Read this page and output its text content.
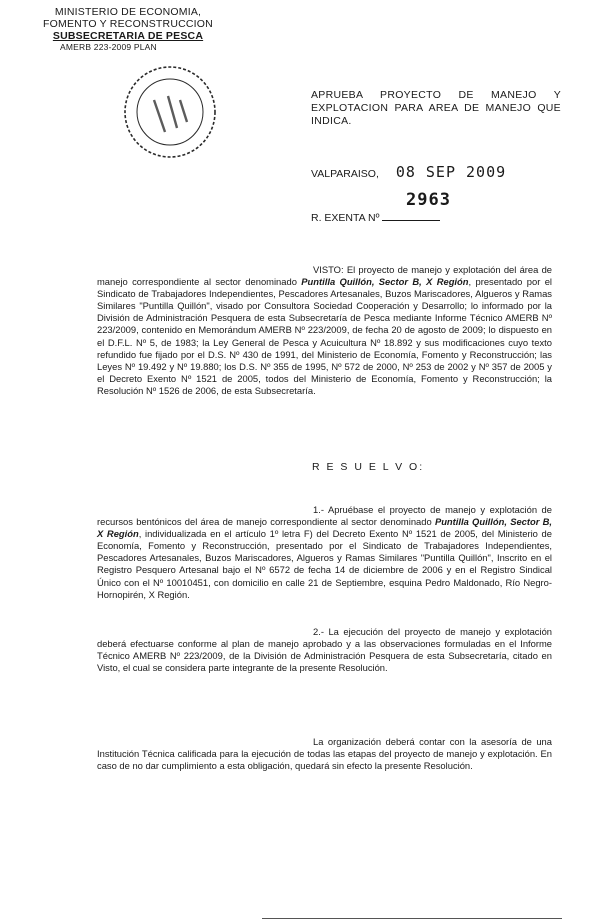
MINISTERIO DE ECONOMIA,
FOMENTO Y RECONSTRUCCION
SUBSECRETARIA DE PESCA
AMERB 223-2009 PLAN
APRUEBA PROYECTO DE MANEJO Y EXPLOTACION PARA AREA DE MANEJO QUE INDICA.
VALPARAISO, 08 SEP 2009
R. EXENTA Nº
2963
VISTO: El proyecto de manejo y explotación del área de manejo correspondiente al sector denominado Puntilla Quillón, Sector B, X Región, presentado por el Sindicato de Trabajadores Independientes, Pescadores Artesanales, Buzos Mariscadores, Algueros y Ramas Similares "Puntilla Quillón", visado por Consultora Sociedad Cooperación y Desarrollo; lo informado por la División de Administración Pesquera de esta Subsecretaría de Pesca mediante Informe Técnico AMERB Nº 223/2009, contenido en Memorándum AMERB Nº 223/2009, de fecha 20 de agosto de 2009; lo dispuesto en el D.F.L. Nº 5, de 1983; la Ley General de Pesca y Acuicultura Nº 18.892 y sus modificaciones cuyo texto refundido fue fijado por el D.S. Nº 430 de 1991, del Ministerio de Economía, Fomento y Reconstrucción; las Leyes Nº 19.492 y Nº 19.880; los D.S. Nº 355 de 1995, Nº 572 de 2000, Nº 253 de 2002 y Nº 357 de 2005 y el Decreto Exento Nº 1521 de 2005, todos del Ministerio de Economía, Fomento y Reconstrucción; la Resolución Nº 1526 de 2006, de esta Subsecretaría.
R E S U E L V O:
1.- Apruébase el proyecto de manejo y explotación de recursos bentónicos del área de manejo correspondiente al sector denominado Puntilla Quillón, Sector B, X Región, individualizada en el artículo 1º letra F) del Decreto Exento Nº 1521 de 2005, del Ministerio de Economía, Fomento y Reconstrucción, presentado por el Sindicato de Trabajadores Independientes, Pescadores Artesanales, Buzos Mariscadores, Algueros y Ramas Similares "Puntilla Quillón", Inscrito en el Registro Pesquero Artesanal bajo el Nº 6572 de fecha 14 de diciembre de 2006 y en el Registro Sindical Único con el Nº 10010451, con domicilio en calle 21 de Septiembre, esquina Pedro Maldonado, Río Negro-Hornopirén, X Región.
2.- La ejecución del proyecto de manejo y explotación deberá efectuarse conforme al plan de manejo aprobado y a las observaciones formuladas en el Informe Técnico AMERB Nº 223/2009, de la División de Administración Pesquera de esta Subsecretaría, citado en Visto, el cual se considera parte integrante de la presente Resolución.
La organización deberá contar con la asesoría de una Institución Técnica calificada para la ejecución de todas las etapas del proyecto de manejo y explotación. En caso de no dar cumplimiento a esta obligación, quedará sin efecto la presente Resolución.
